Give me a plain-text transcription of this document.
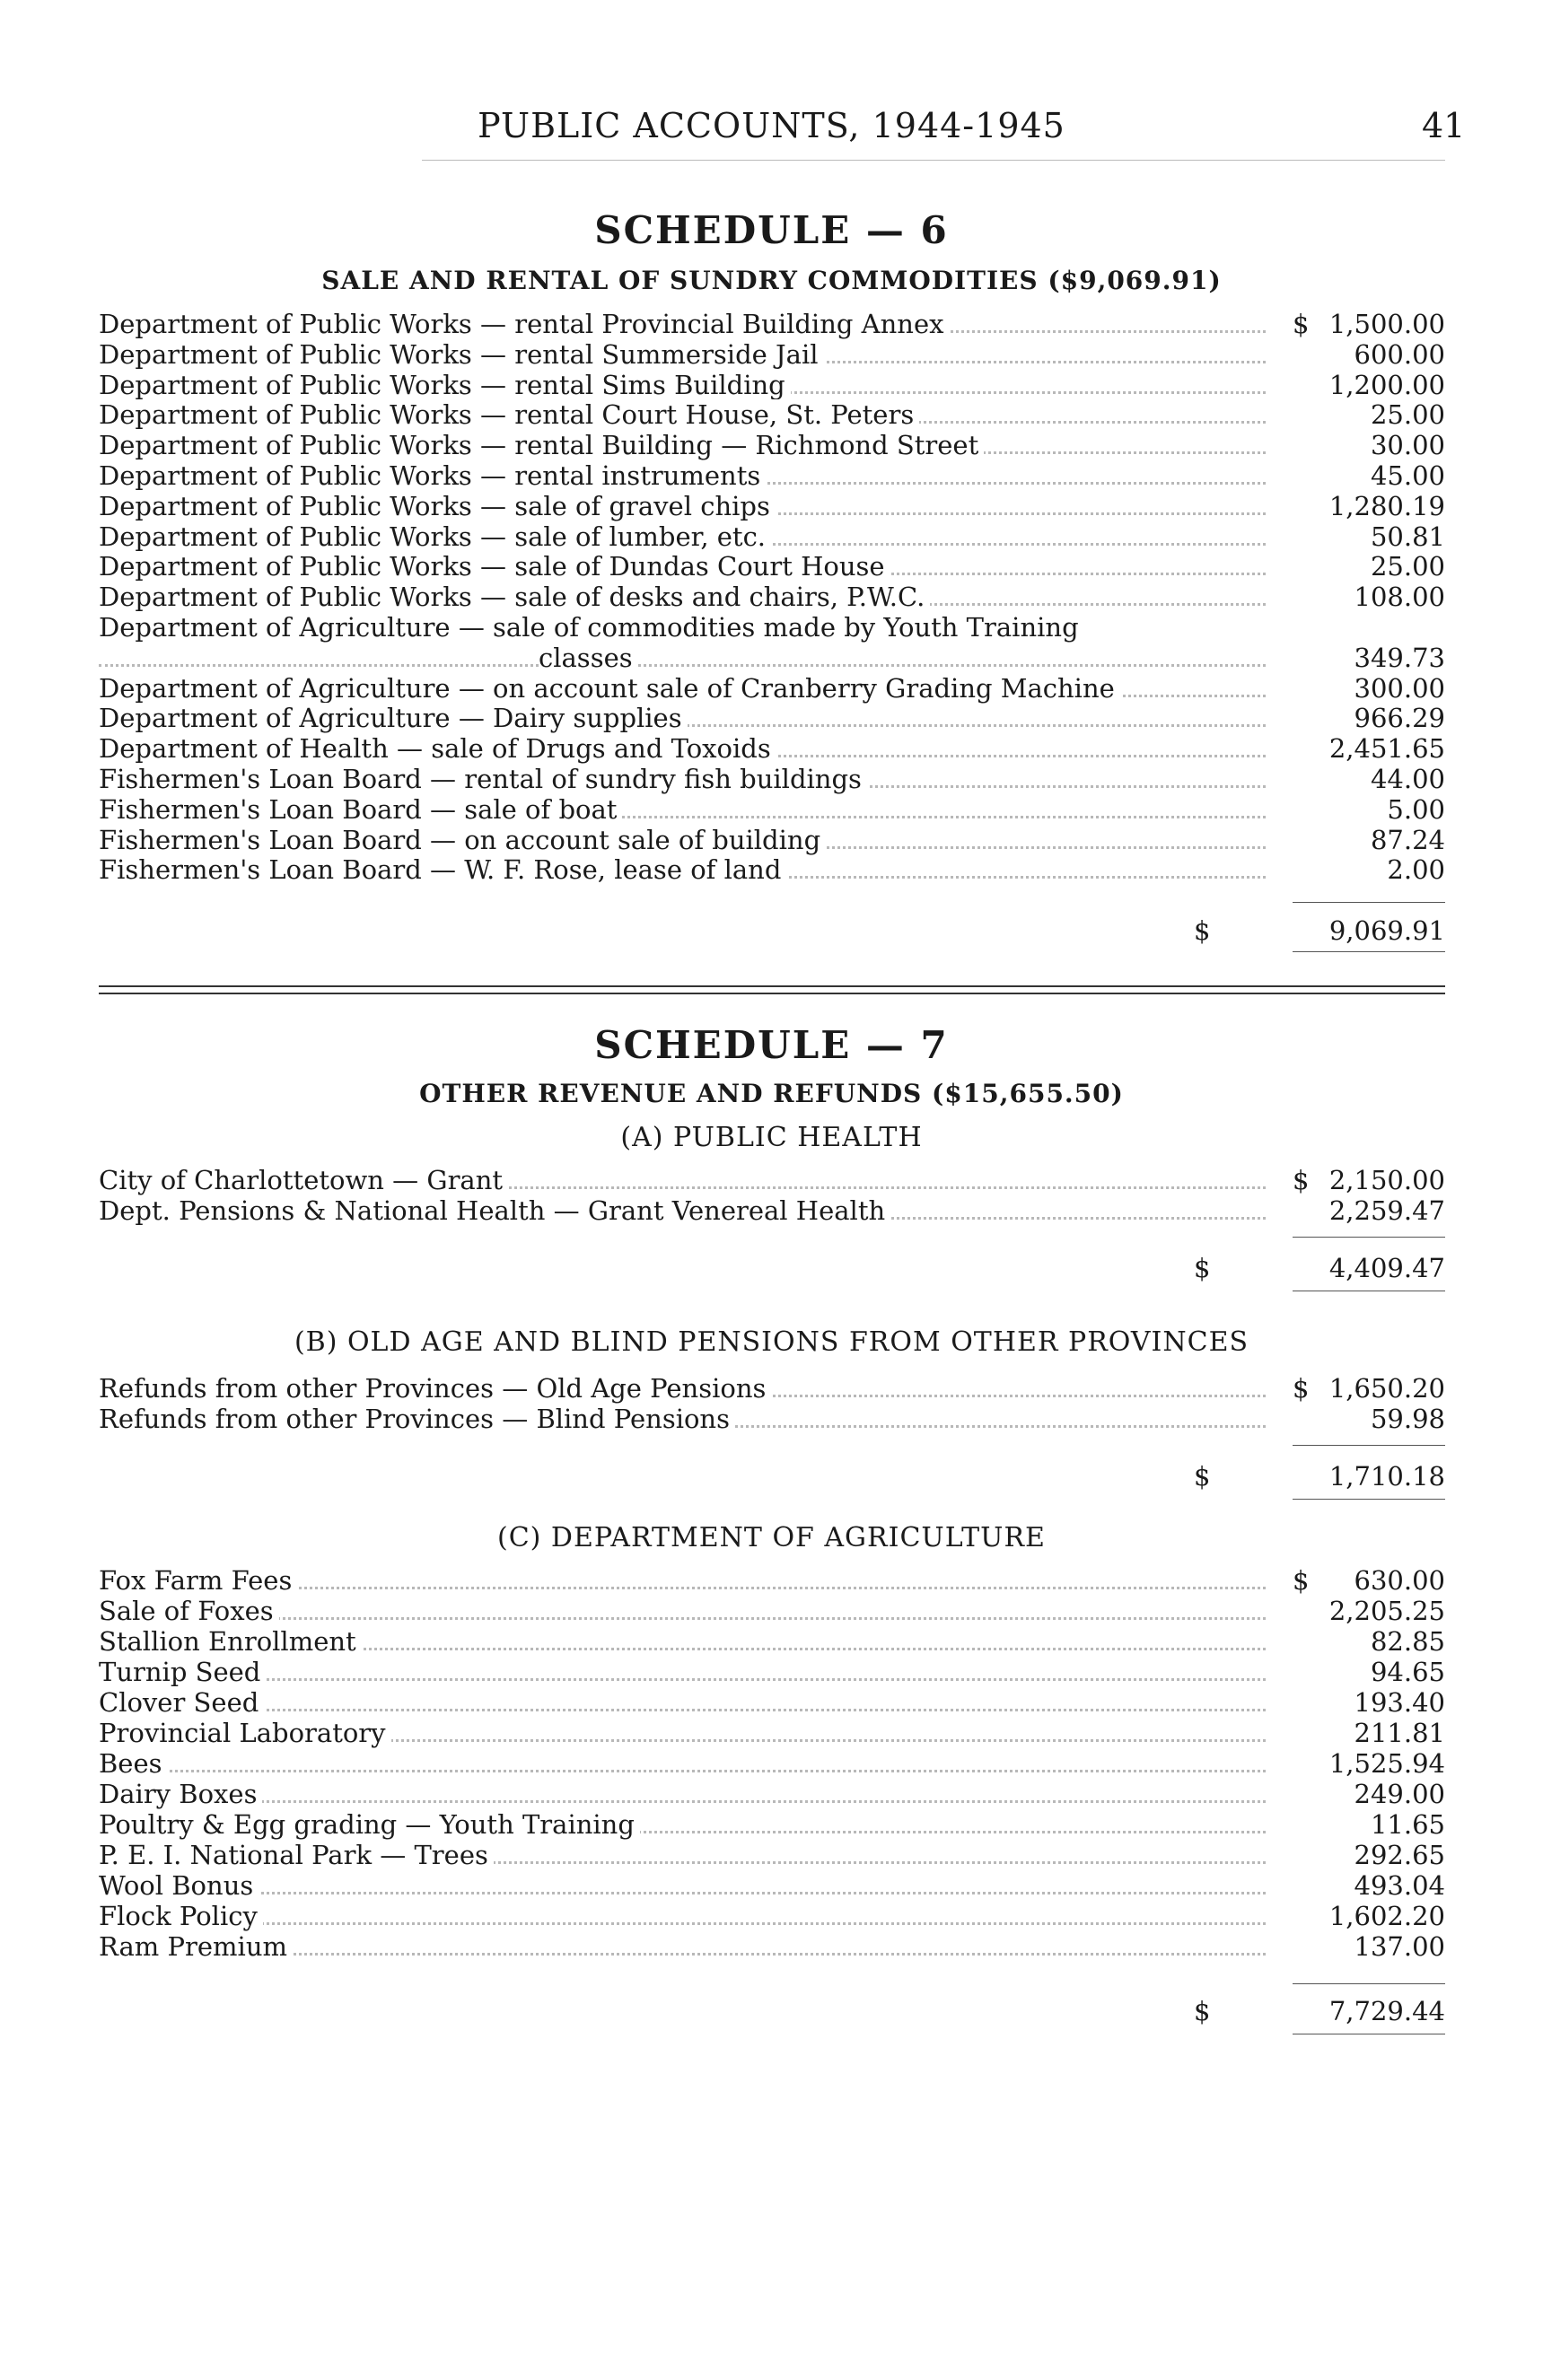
PUBLIC ACCOUNTS, 1944-1945	41
SCHEDULE — 6
SALE AND RENTAL OF SUNDRY COMMODITIES ($9,069.91)
Department of Public Works — rental Provincial Building Annex	$ 1,500.00
Department of Public Works — rental Summerside Jail	600.00
Department of Public Works — rental Sims Building	1,200.00
Department of Public Works — rental Court House, St. Peters	25.00
Department of Public Works — rental Building — Richmond Street	30.00
Department of Public Works — rental instruments	45.00
Department of Public Works — sale of gravel chips	1,280.19
Department of Public Works — sale of lumber, etc.	50.81
Department of Public Works — sale of Dundas Court House	25.00
Department of Public Works — sale of desks and chairs, P.W.C.	108.00
Department of Agriculture — sale of commodities made by Youth Training
classes	349.73
Department of Agriculture — on account sale of Cranberry Grading Machine	300.00
Department of Agriculture — Dairy supplies	966.29
Department of Health — sale of Drugs and Toxoids	2,451.65
Fishermen's Loan Board — rental of sundry fish buildings	44.00
Fishermen's Loan Board — sale of boat	5.00
Fishermen's Loan Board — on account sale of building	87.24
Fishermen's Loan Board — W. F. Rose, lease of land	2.00
$	9,069.91
SCHEDULE — 7
OTHER REVENUE AND REFUNDS ($15,655.50)
(A) PUBLIC HEALTH
City of Charlottetown — Grant	$ 2,150.00
Dept. Pensions & National Health — Grant Venereal Health	2,259.47
$	4,409.47
(B) OLD AGE AND BLIND PENSIONS FROM OTHER PROVINCES
Refunds from other Provinces — Old Age Pensions	$ 1,650.20
Refunds from other Provinces — Blind Pensions	59.98
$	1,710.18
(C) DEPARTMENT OF AGRICULTURE
Fox Farm Fees	$	630.00
Sale of Foxes	2,205.25
Stallion Enrollment	82.85
Turnip Seed	94.65
Clover Seed	193.40
Provincial Laboratory	211.81
Bees	1,525.94
Dairy Boxes	249.00
Poultry & Egg grading — Youth Training	11.65
P. E. I. National Park — Trees	292.65
Wool Bonus	493.04
Flock Policy	1,602.20
Ram Premium	137.00
$	7,729.44
